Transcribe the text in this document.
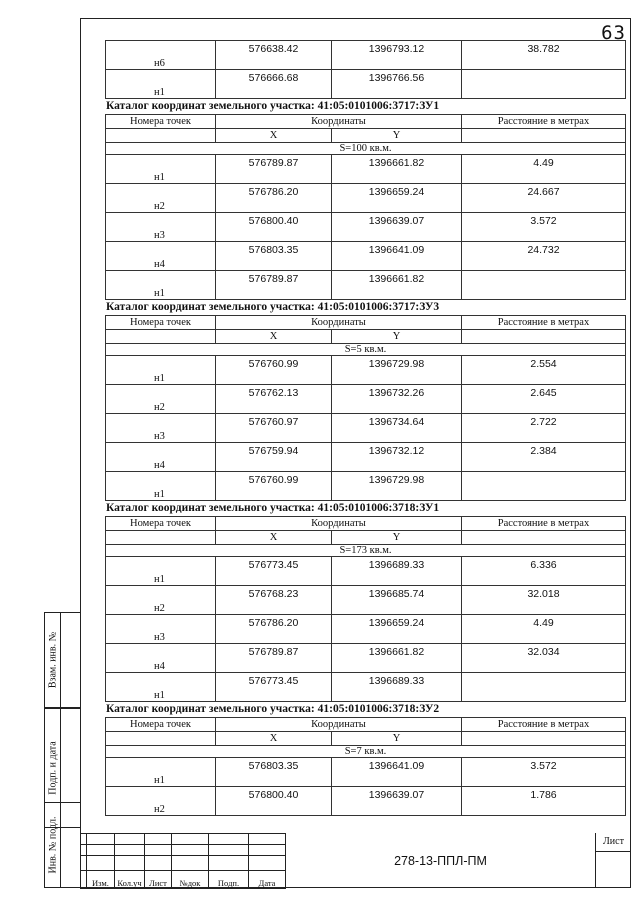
63
н6	576638.42	1396793.12	38.782
н1	576666.68	1396766.56	
Каталог координат земельного участка: 41:05:0101006:3717:ЗУ1
Номера точек	Координаты		Расстояние в метрах
	X	Y	
S=100 кв.м.			
н1	576789.87	1396661.82	4.49
н2	576786.20	1396659.24	24.667
н3	576800.40	1396639.07	3.572
н4	576803.35	1396641.09	24.732
н1	576789.87	1396661.82	
Каталог координат земельного участка: 41:05:0101006:3717:ЗУ3
Номера точек	Координаты		Расстояние в метрах
	X	Y	
S=5 кв.м.			
н1	576760.99	1396729.98	2.554
н2	576762.13	1396732.26	2.645
н3	576760.97	1396734.64	2.722
н4	576759.94	1396732.12	2.384
н1	576760.99	1396729.98	
Каталог координат земельного участка: 41:05:0101006:3718:ЗУ1
Номера точек	Координаты		Расстояние в метрах
	X	Y	
S=173 кв.м.			
н1	576773.45	1396689.33	6.336
н2	576768.23	1396685.74	32.018
н3	576786.20	1396659.24	4.49
н4	576789.87	1396661.82	32.034
н1	576773.45	1396689.33	
Каталог координат земельного участка: 41:05:0101006:3718:ЗУ2
Номера точек	Координаты		Расстояние в метрах
	X	Y	
S=7 кв.м.			
н1	576803.35	1396641.09	3.572
н2	576800.40	1396639.07	1.786
Взам. инв. №
Подп. и дата
Инв. № подл.

	Изм.	Кол.уч	Лист	№док	Подп.	Дата
278-13-ППЛ-ПМ
Лист
